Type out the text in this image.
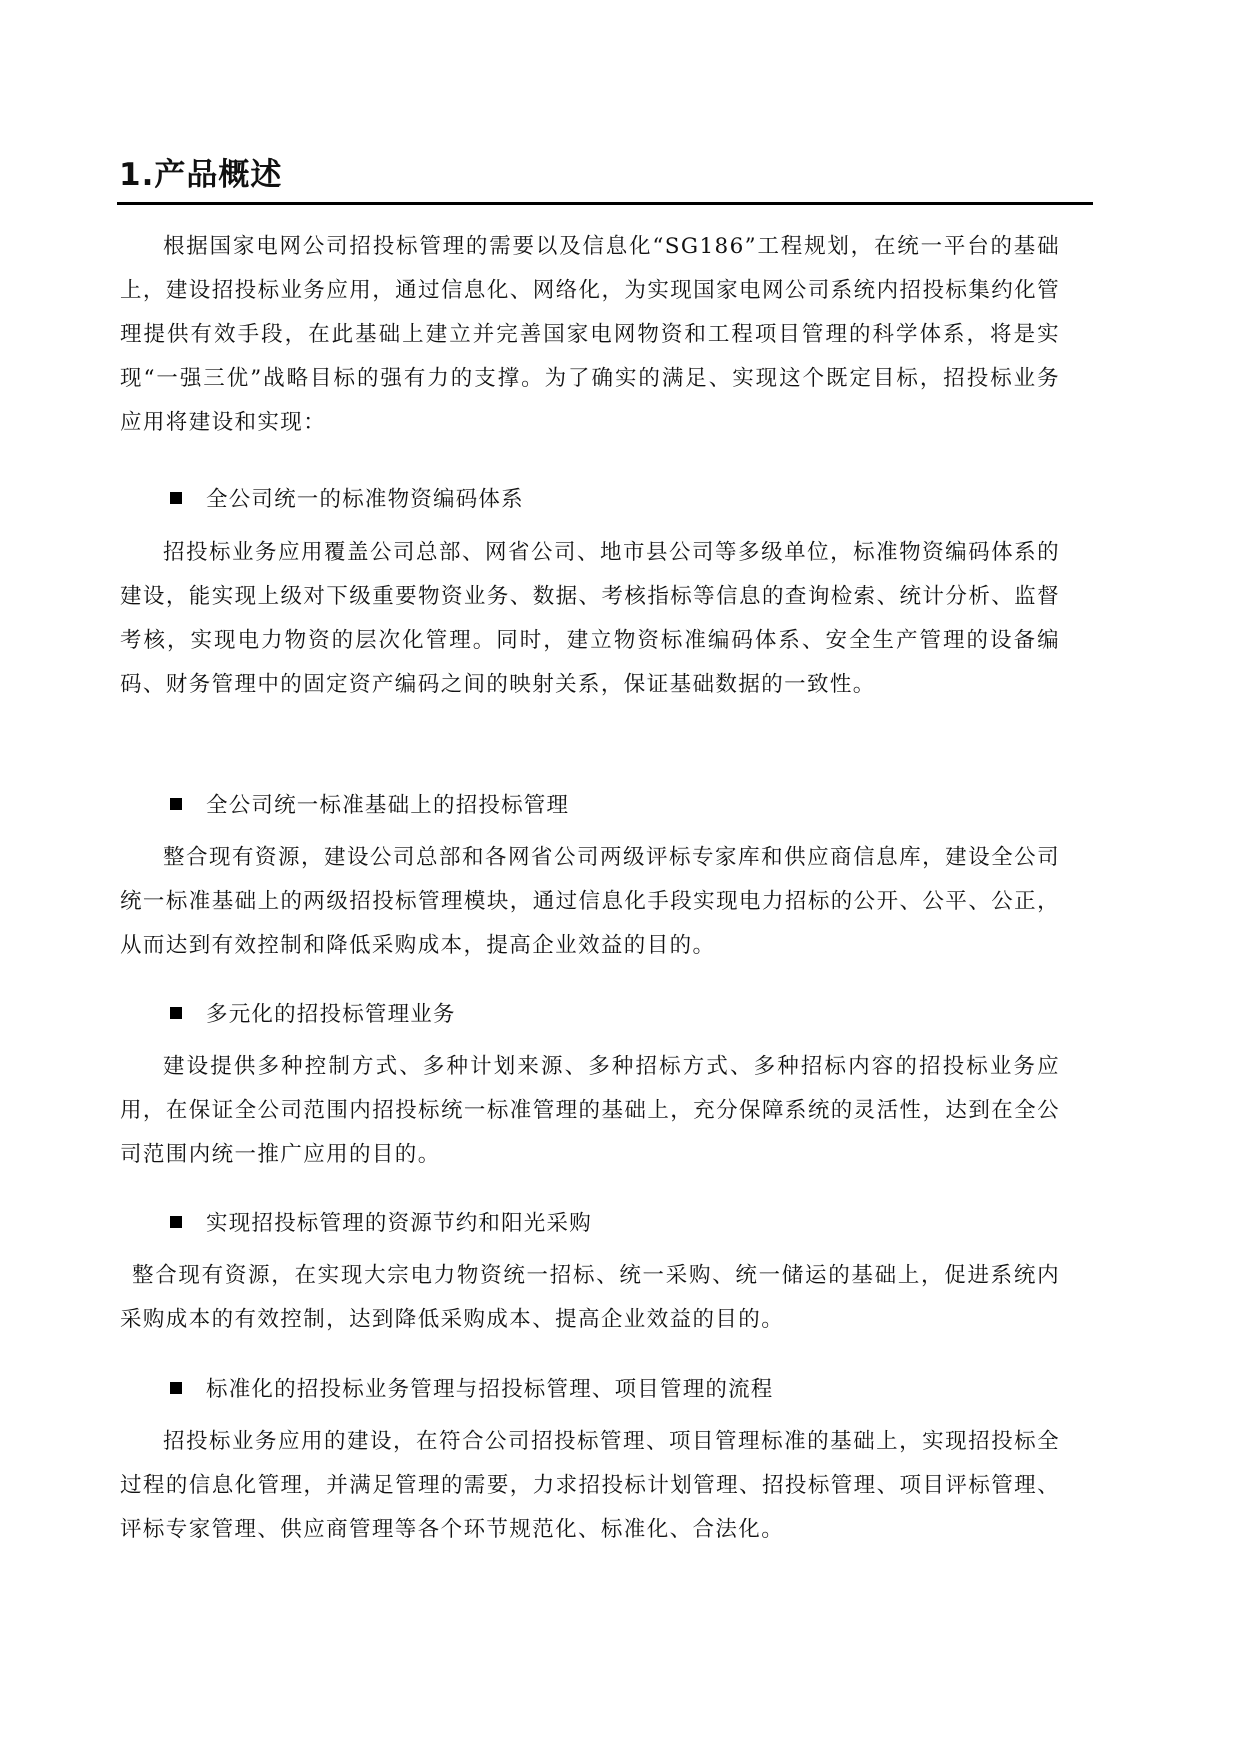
1.产品概述

根据国家电网公司招投标管理的需要以及信息化“SG186”工程规划，在统一平台的基础上，建设招投标业务应用，通过信息化、网络化，为实现国家电网公司系统内招投标集约化管理提供有效手段，在此基础上建立并完善国家电网物资和工程项目管理的科学体系，将是实现“一强三优”战略目标的强有力的支撑。为了确实的满足、实现这个既定目标，招投标业务应用将建设和实现：

全公司统一的标准物资编码体系

招投标业务应用覆盖公司总部、网省公司、地市县公司等多级单位，标准物资编码体系的建设，能实现上级对下级重要物资业务、数据、考核指标等信息的查询检索、统计分析、监督考核，实现电力物资的层次化管理。同时，建立物资标准编码体系、安全生产管理的设备编码、财务管理中的固定资产编码之间的映射关系，保证基础数据的一致性。

全公司统一标准基础上的招投标管理

整合现有资源，建设公司总部和各网省公司两级评标专家库和供应商信息库，建设全公司统一标准基础上的两级招投标管理模块，通过信息化手段实现电力招标的公开、公平、公正，从而达到有效控制和降低采购成本，提高企业效益的目的。

多元化的招投标管理业务

建设提供多种控制方式、多种计划来源、多种招标方式、多种招标内容的招投标业务应用，在保证全公司范围内招投标统一标准管理的基础上，充分保障系统的灵活性，达到在全公司范围内统一推广应用的目的。

实现招投标管理的资源节约和阳光采购

整合现有资源，在实现大宗电力物资统一招标、统一采购、统一储运的基础上，促进系统内采购成本的有效控制，达到降低采购成本、提高企业效益的目的。

标准化的招投标业务管理与招投标管理、项目管理的流程

招投标业务应用的建设，在符合公司招投标管理、项目管理标准的基础上，实现招投标全过程的信息化管理，并满足管理的需要，力求招投标计划管理、招投标管理、项目评标管理、评标专家管理、供应商管理等各个环节规范化、标准化、合法化。
